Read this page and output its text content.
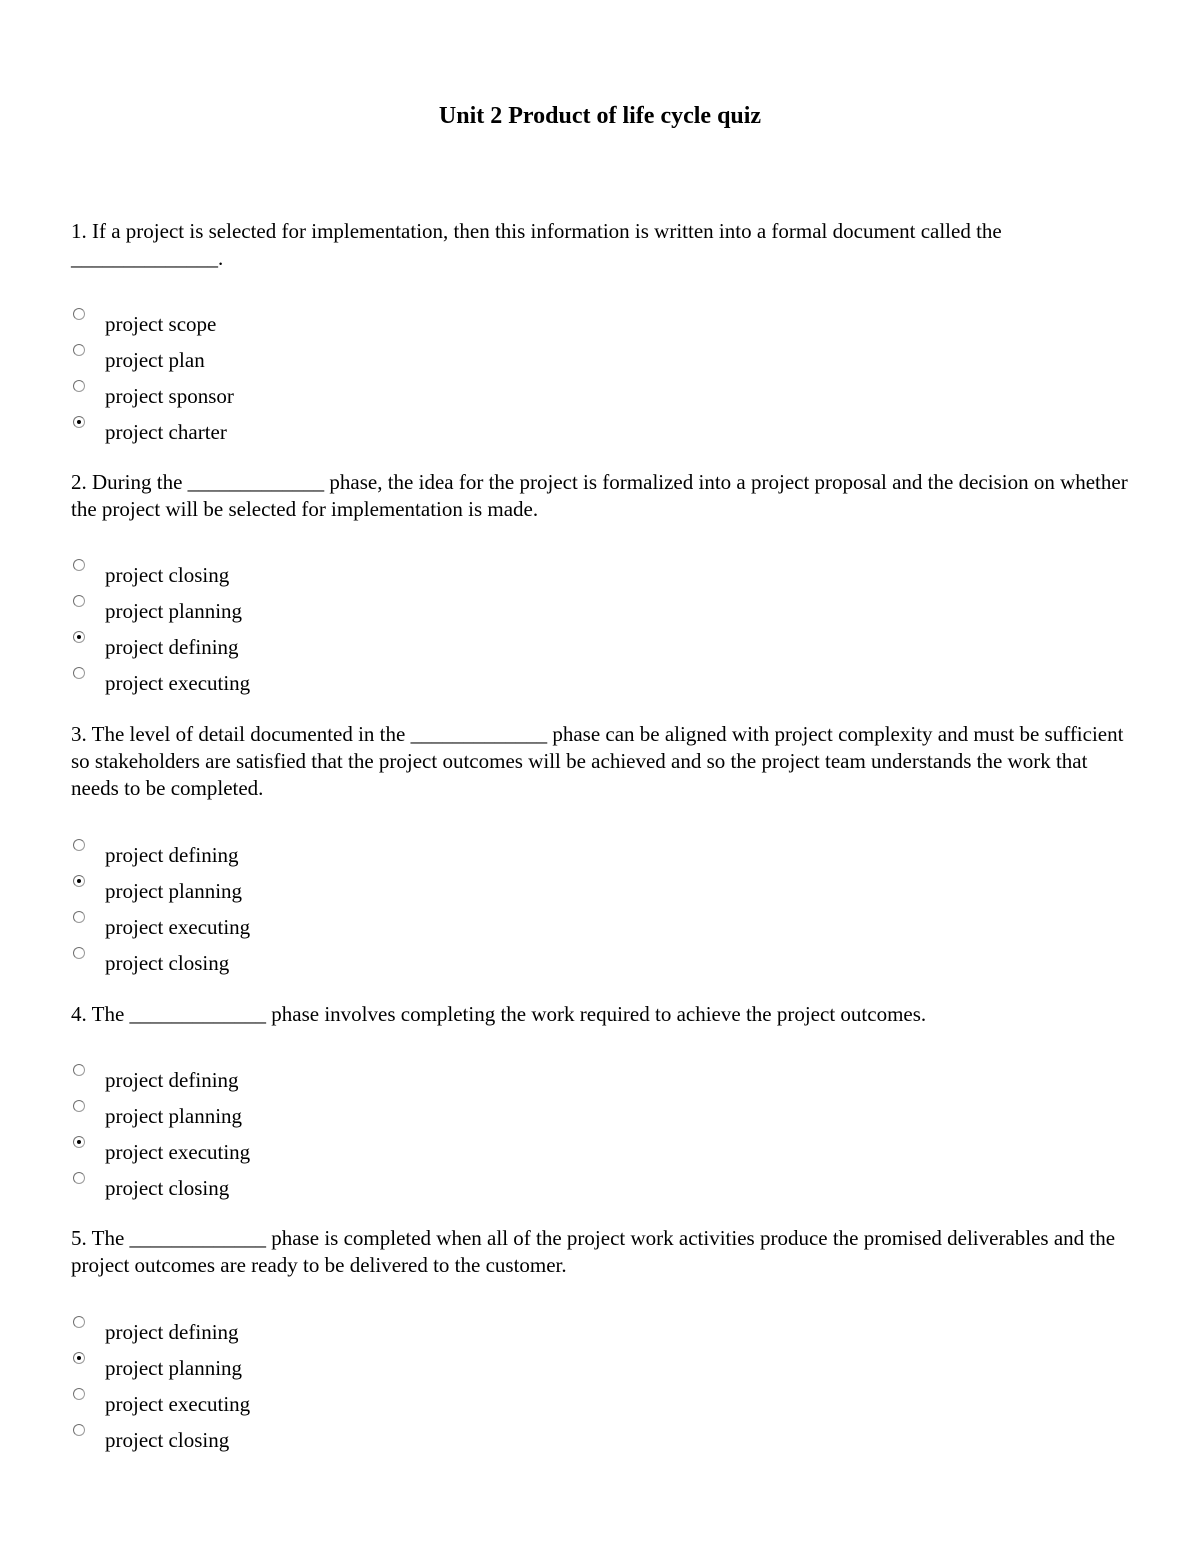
Unit 2 Product of life cycle quiz
1. If a project is selected for implementation, then this information is written into a formal document called the ______________.
project scope
project plan
project sponsor
project charter
2. During the _____________ phase, the idea for the project is formalized into a project proposal and the decision on whether the project will be selected for implementation is made.
project closing
project planning
project defining
project executing
3. The level of detail documented in the _____________ phase can be aligned with project complexity and must be sufficient so stakeholders are satisfied that the project outcomes will be achieved and so the project team understands the work that needs to be completed.
project defining
project planning
project executing
project closing
4. The _____________ phase involves completing the work required to achieve the project outcomes.
project defining
project planning
project executing
project closing
5. The _____________ phase is completed when all of the project work activities produce the promised deliverables and the project outcomes are ready to be delivered to the customer.
project defining
project planning
project executing
project closing
